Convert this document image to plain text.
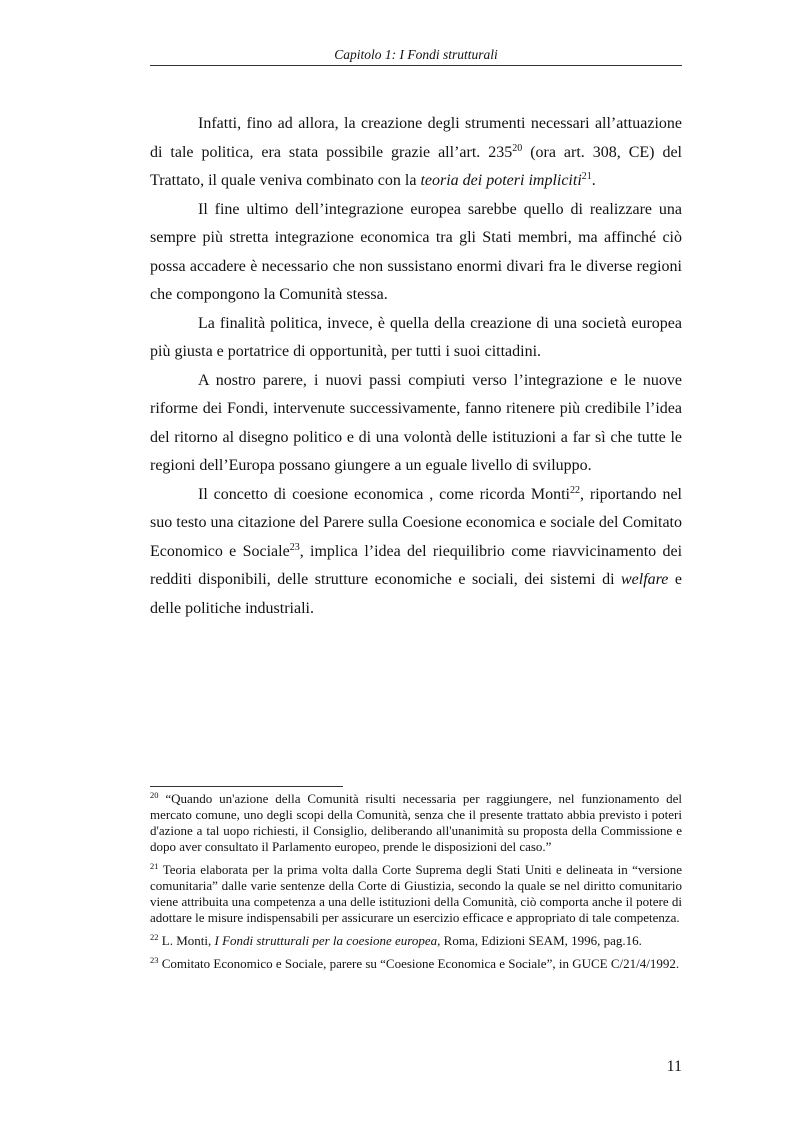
Capitolo 1: I Fondi strutturali

Infatti, fino ad allora, la creazione degli strumenti necessari all’attuazione di tale politica, era stata possibile grazie all’art. $235^{20}$ (ora art. 308, CE) del Trattato, il quale veniva combinato con la teoria dei poteri impliciti$^{21}$.

Il fine ultimo dell’integrazione europea sarebbe quello di realizzare una sempre più stretta integrazione economica tra gli Stati membri, ma affinché ciò possa accadere è necessario che non sussistano enormi divari fra le diverse regioni che compongono la Comunità stessa.

La finalità politica, invece, è quella della creazione di una società europea più giusta e portatrice di opportunità, per tutti i suoi cittadini.

A nostro parere, i nuovi passi compiuti verso l’integrazione e le nuove riforme dei Fondi, intervenute successivamente, fanno ritenere più credibile l’idea del ritorno al disegno politico e di una volontà delle istituzioni a far sì che tutte le regioni dell’Europa possano giungere a un eguale livello di sviluppo.

Il concetto di coesione economica , come ricorda Monti$^{22}$, riportando nel suo testo una citazione del Parere sulla Coesione economica e sociale del Comitato Economico e Sociale$^{23}$, implica l’idea del riequilibrio come riavvicinamento dei redditi disponibili, delle strutture economiche e sociali, dei sistemi di welfare e delle politiche industriali.

$^{20}$ “Quando un'azione della Comunità risulti necessaria per raggiungere, nel funzionamento del mercato comune, uno degli scopi della Comunità, senza che il presente trattato abbia previsto i poteri d'azione a tal uopo richiesti, il Consiglio, deliberando all'unanimità su proposta della Commissione e dopo aver consultato il Parlamento europeo, prende le disposizioni del caso.”

$^{21}$ Teoria elaborata per la prima volta dalla Corte Suprema degli Stati Uniti e delineata in “versione comunitaria” dalle varie sentenze della Corte di Giustizia, secondo la quale se nel diritto comunitario viene attribuita una competenza a una delle istituzioni della Comunità, ciò comporta anche il potere di adottare le misure indispensabili per assicurare un esercizio efficace e appropriato di tale competenza.

$^{22}$ L. Monti, I Fondi strutturali per la coesione europea, Roma, Edizioni SEAM, 1996, pag.16.

$^{23}$ Comitato Economico e Sociale, parere su “Coesione Economica e Sociale”, in GUCE C/21/4/1992.

11
